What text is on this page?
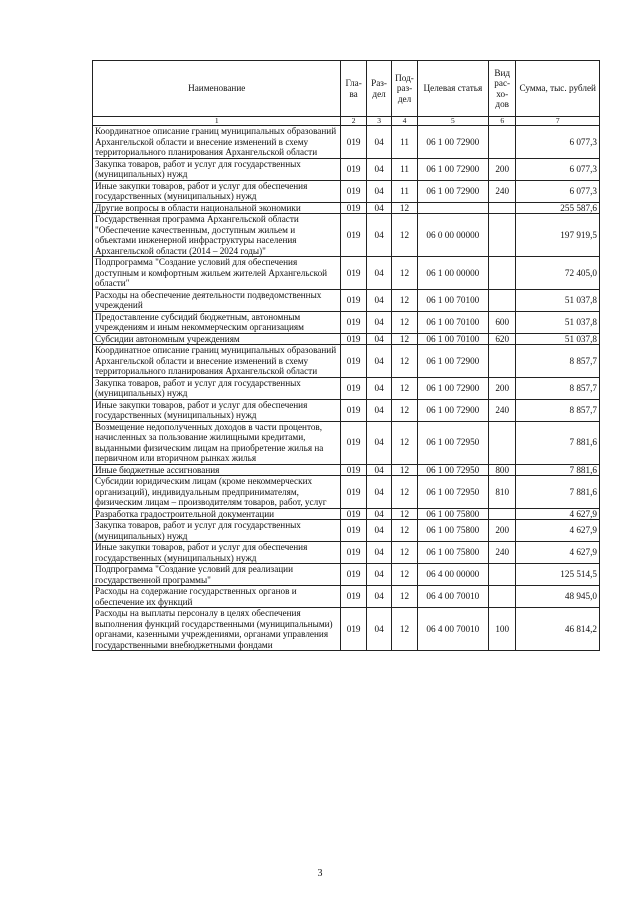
Наименование	Гла-ва	Раз-дел	Под-раз-дел	Целевая статья	Вид рас-хо-дов	Сумма, тыс. рублей
1	2	3	4	5	6	7
Координатное описание границ муниципальных образований Архангельской области и внесение изменений в схему территориального планирования Архангельской области	019	04	11	06 1 00 72900		6 077,3
Закупка товаров, работ и услуг для государственных (муниципальных) нужд	019	04	11	06 1 00 72900	200	6 077,3
Иные закупки товаров, работ и услуг для обеспечения государственных (муниципальных) нужд	019	04	11	06 1 00 72900	240	6 077,3
Другие вопросы в области национальной экономики	019	04	12			255 587,6
Государственная программа Архангельской области "Обеспечение качественным, доступным жильем и объектами инженерной инфраструктуры населения Архангельской области (2014 – 2024 годы)"	019	04	12	06 0 00 00000		197 919,5
Подпрограмма "Создание условий для обеспечения доступным и комфортным жильем жителей Архангельской области"	019	04	12	06 1 00 00000		72 405,0
Расходы на обеспечение деятельности подведомственных учреждений	019	04	12	06 1 00 70100		51 037,8
Предоставление субсидий бюджетным, автономным учреждениям и иным некоммерческим организациям	019	04	12	06 1 00 70100	600	51 037,8
Субсидии автономным учреждениям	019	04	12	06 1 00 70100	620	51 037,8
Координатное описание границ муниципальных образований Архангельской области и внесение изменений в схему территориального планирования Архангельской области	019	04	12	06 1 00 72900		8 857,7
Закупка товаров, работ и услуг для государственных (муниципальных) нужд	019	04	12	06 1 00 72900	200	8 857,7
Иные закупки товаров, работ и услуг для обеспечения государственных (муниципальных) нужд	019	04	12	06 1 00 72900	240	8 857,7
Возмещение недополученных доходов в части процентов, начисленных за пользование жилищными кредитами, выданными физическим лицам на приобретение жилья на первичном или вторичном рынках жилья	019	04	12	06 1 00 72950		7 881,6
Иные бюджетные ассигнования	019	04	12	06 1 00 72950	800	7 881,6
Субсидии юридическим лицам (кроме некоммерческих организаций), индивидуальным предпринимателям, физическим лицам – производителям товаров, работ, услуг	019	04	12	06 1 00 72950	810	7 881,6
Разработка градостроительной документации	019	04	12	06 1 00 75800		4 627,9
Закупка товаров, работ и услуг для государственных (муниципальных) нужд	019	04	12	06 1 00 75800	200	4 627,9
Иные закупки товаров, работ и услуг для обеспечения государственных (муниципальных) нужд	019	04	12	06 1 00 75800	240	4 627,9
Подпрограмма "Создание условий для реализации государственной программы"	019	04	12	06 4 00 00000		125 514,5
Расходы на содержание государственных органов и обеспечение их функций	019	04	12	06 4 00 70010		48 945,0
Расходы на выплаты персоналу в целях обеспечения выполнения функций государственными (муниципальными) органами, казенными учреждениями, органами управления государственными внебюджетными фондами	019	04	12	06 4 00 70010	100	46 814,2
3
